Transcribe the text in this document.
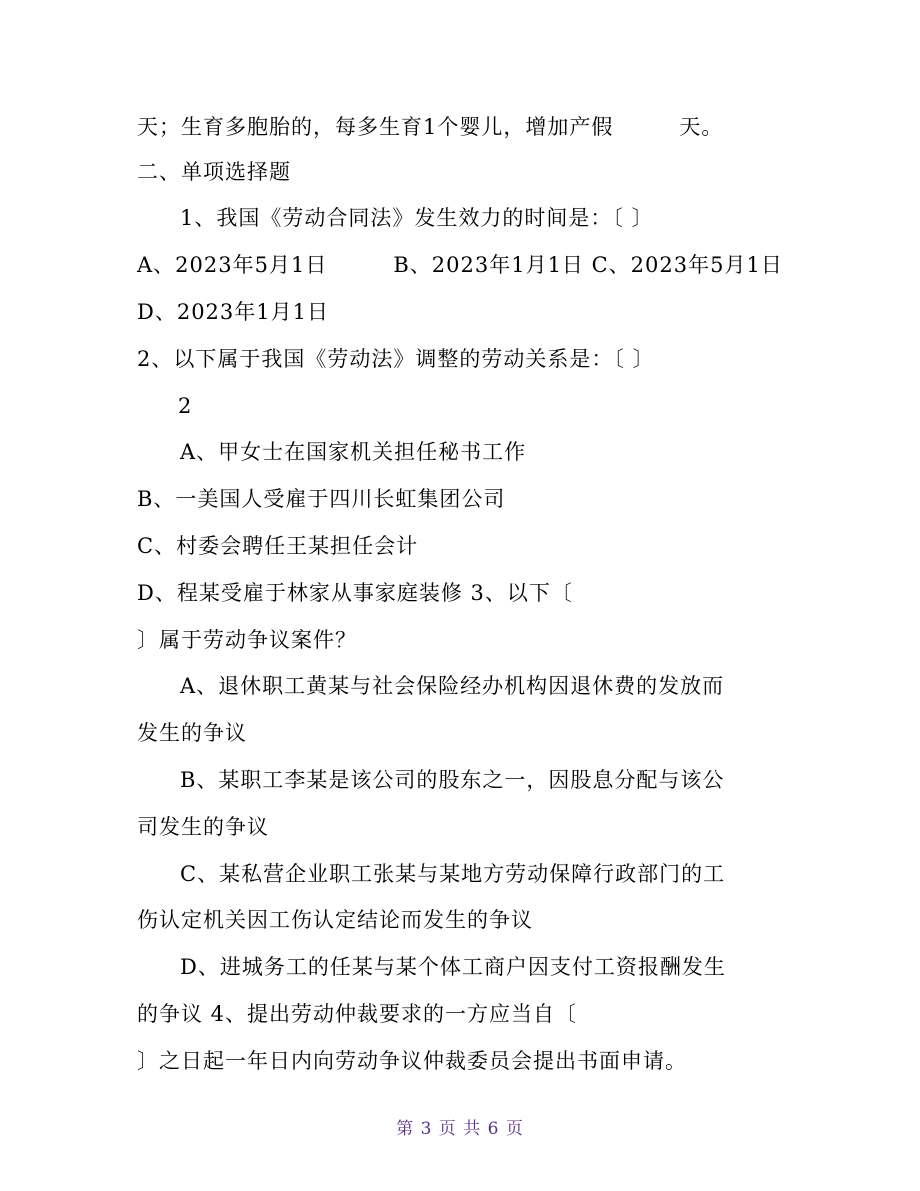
天；生育多胞胎的，每多生育1个婴儿，增加产假　　　天。
二、单项选择题
1、我国《劳动合同法》发生效力的时间是：〔 〕
A、2023年5月1日　　　B、2023年1月1日 C、2023年5月1日
D、2023年1月1日
2、以下属于我国《劳动法》调整的劳动关系是：〔 〕
2
A、甲女士在国家机关担任秘书工作
B、一美国人受雇于四川长虹集团公司
C、村委会聘任王某担任会计
D、程某受雇于林家从事家庭装修 3、以下〔
〕属于劳动争议案件？
A、退休职工黄某与社会保险经办机构因退休费的发放而
发生的争议
B、某职工李某是该公司的股东之一，因股息分配与该公
司发生的争议
C、某私营企业职工张某与某地方劳动保障行政部门的工
伤认定机关因工伤认定结论而发生的争议
D、进城务工的任某与某个体工商户因支付工资报酬发生
的争议 4、提出劳动仲裁要求的一方应当自〔
〕之日起一年日内向劳动争议仲裁委员会提出书面申请。
第 3 页 共 6 页
